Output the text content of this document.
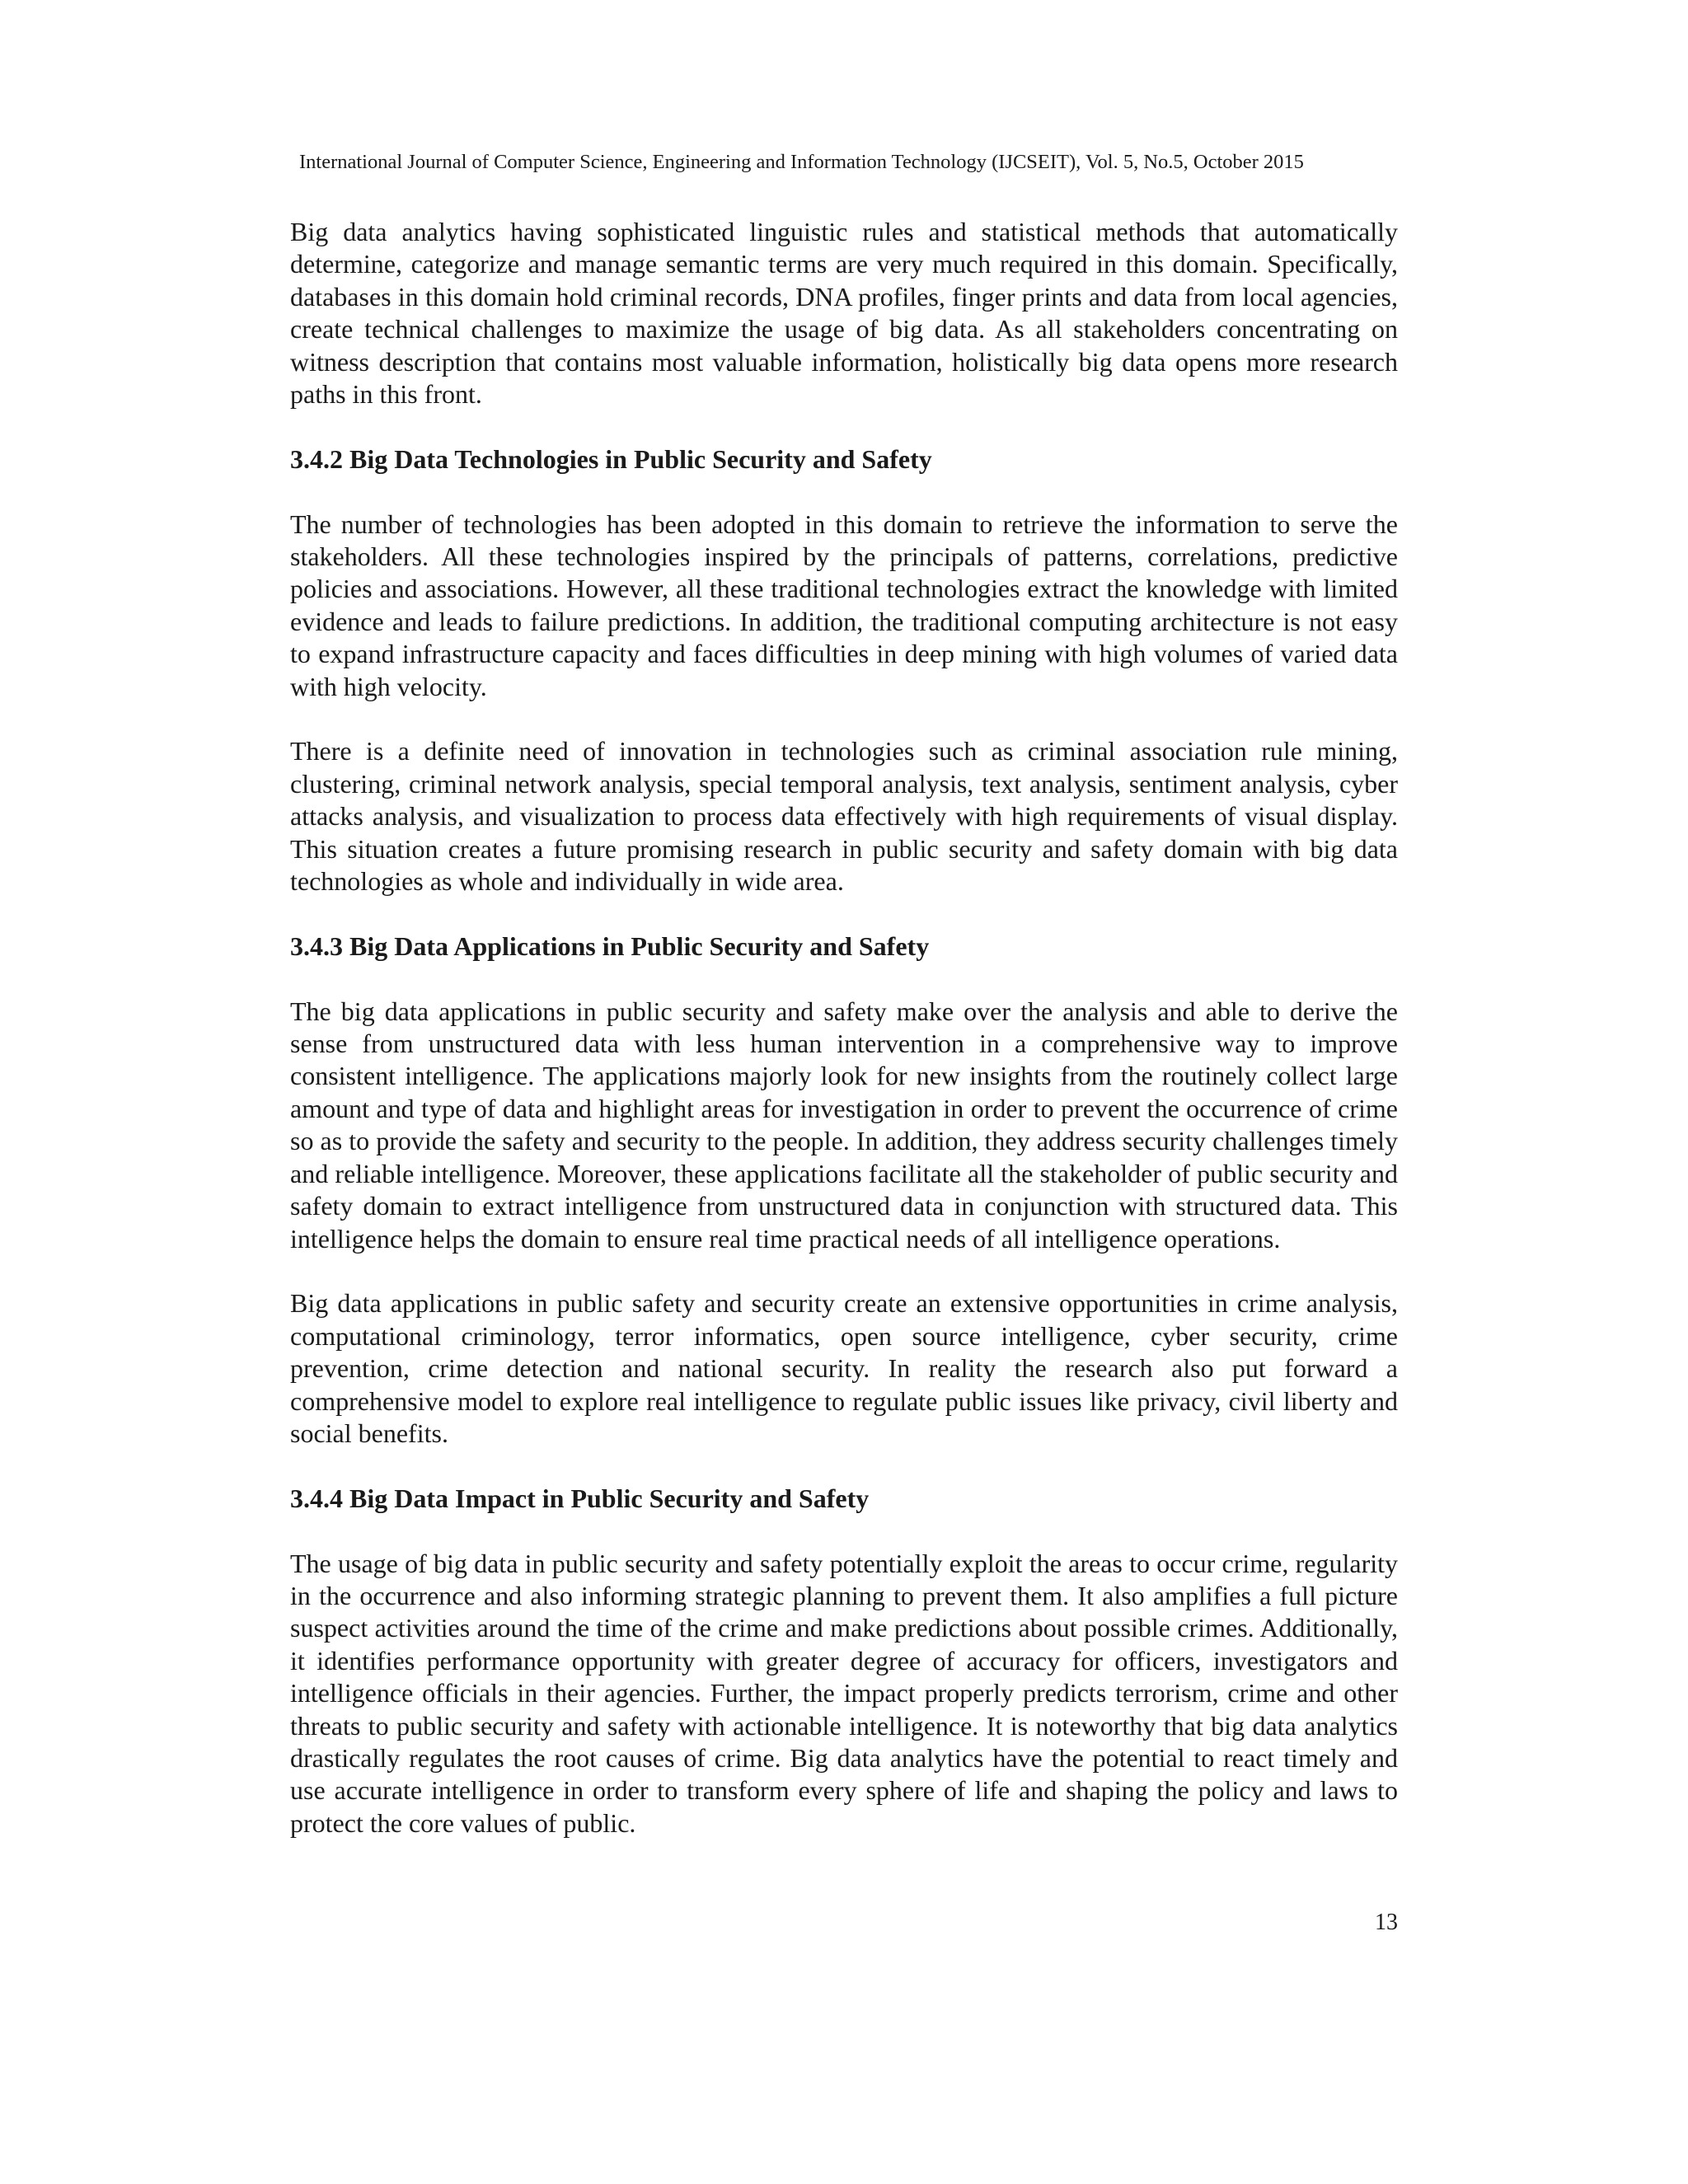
International Journal of Computer Science, Engineering and Information Technology (IJCSEIT), Vol. 5, No.5, October 2015

Big data analytics having sophisticated linguistic rules and statistical methods that automatically determine, categorize and manage semantic terms are very much required in this domain. Specifically, databases in this domain hold criminal records, DNA profiles, finger prints and data from local agencies, create technical challenges to maximize the usage of big data. As all stakeholders concentrating on witness description that contains most valuable information, holistically big data opens more research paths in this front.

3.4.2 Big Data Technologies in Public Security and Safety

The number of technologies has been adopted in this domain to retrieve the information to serve the stakeholders. All these technologies inspired by the principals of patterns, correlations, predictive policies and associations. However, all these traditional technologies extract the knowledge with limited evidence and leads to failure predictions. In addition, the traditional computing architecture is not easy to expand infrastructure capacity and faces difficulties in deep mining with high volumes of varied data with high velocity.

There is a definite need of innovation in technologies such as criminal association rule mining, clustering, criminal network analysis, special temporal analysis, text analysis, sentiment analysis, cyber attacks analysis, and visualization to process data effectively with high requirements of visual display. This situation creates a future promising research in public security and safety domain with big data technologies as whole and individually in wide area.

3.4.3 Big Data Applications in Public Security and Safety

The big data applications in public security and safety make over the analysis and able to derive the sense from unstructured data with less human intervention in a comprehensive way to improve consistent intelligence. The applications majorly look for new insights from the routinely collect large amount and type of data and highlight areas for investigation in order to prevent the occurrence of crime so as to provide the safety and security to the people. In addition, they address security challenges timely and reliable intelligence. Moreover, these applications facilitate all the stakeholder of public security and safety domain to extract intelligence from unstructured data in conjunction with structured data. This intelligence helps the domain to ensure real time practical needs of all intelligence operations.

Big data applications in public safety and security create an extensive opportunities in crime analysis, computational criminology, terror informatics, open source intelligence, cyber security, crime prevention, crime detection and national security. In reality the research also put forward a comprehensive model to explore real intelligence to regulate public issues like privacy, civil liberty and social benefits.

3.4.4 Big Data Impact in Public Security and Safety

The usage of big data in public security and safety potentially exploit the areas to occur crime, regularity in the occurrence and also informing strategic planning to prevent them. It also amplifies a full picture suspect activities around the time of the crime and make predictions about possible crimes. Additionally, it identifies performance opportunity with greater degree of accuracy for officers, investigators and intelligence officials in their agencies. Further, the impact properly predicts terrorism, crime and other threats to public security and safety with actionable intelligence. It is noteworthy that big data analytics drastically regulates the root causes of crime. Big data analytics have the potential to react timely and use accurate intelligence in order to transform every sphere of life and shaping the policy and laws to protect the core values of public.

13
